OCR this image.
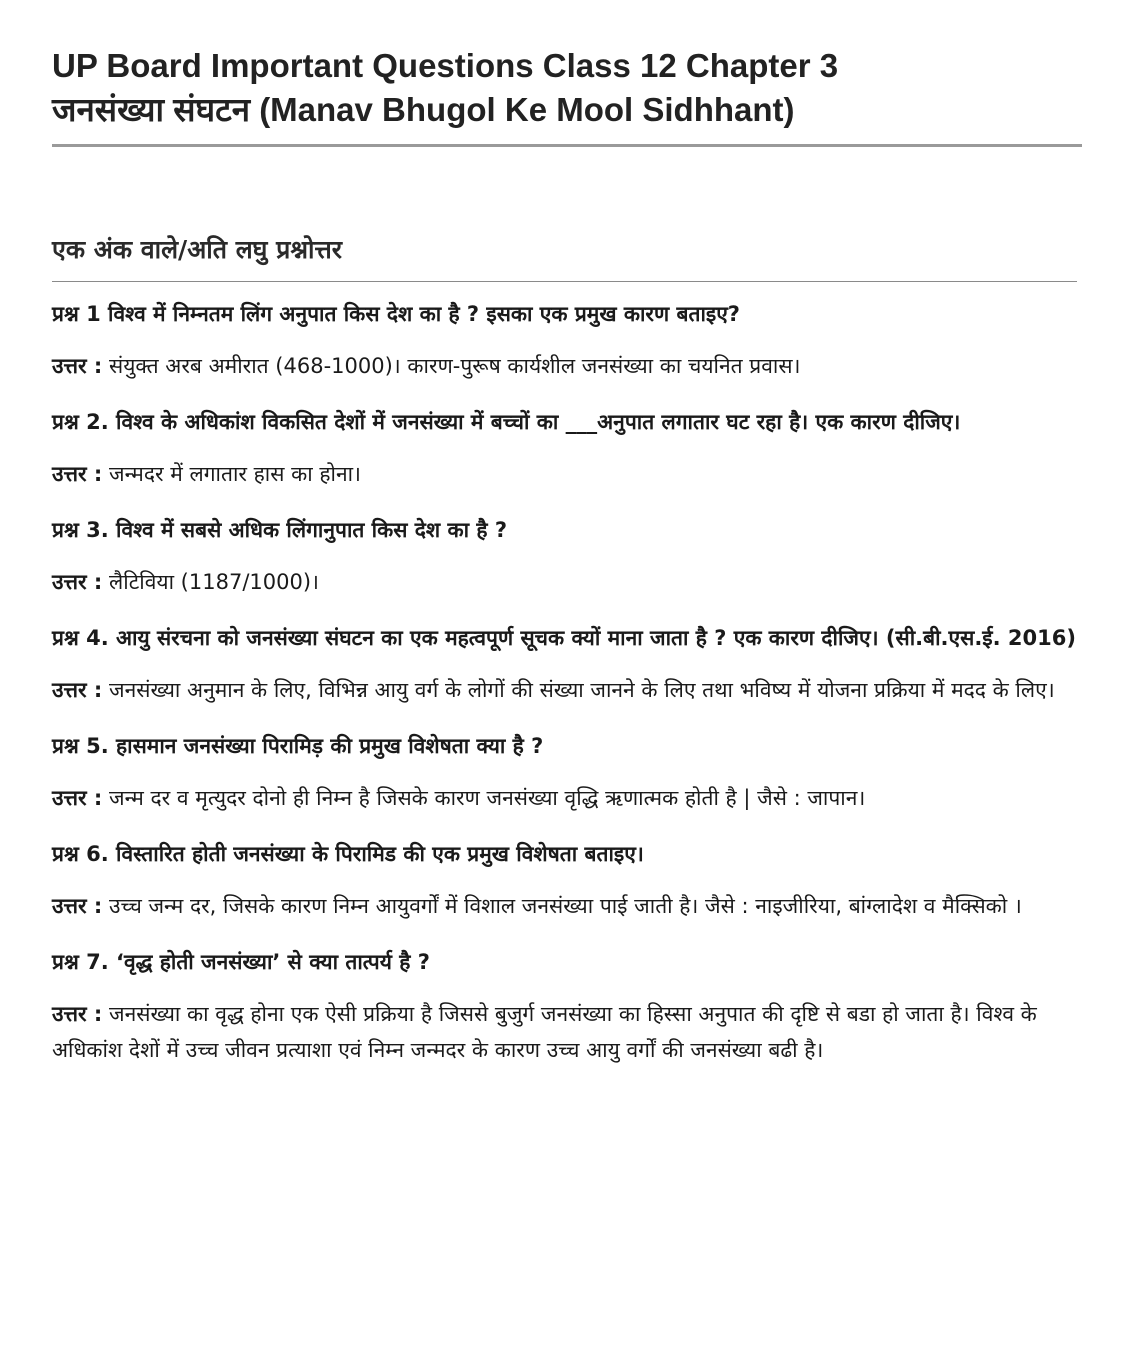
UP Board Important Questions Class 12 Chapter 3
जनसंख्या संघटन (Manav Bhugol Ke Mool Sidhhant)
एक अंक वाले/अति लघु प्रश्नोत्तर

प्रश्न 1 विश्व में निम्नतम लिंग अनुपात किस देश का है ? इसका एक प्रमुख कारण बताइए?

उत्तर : संयुक्त अरब अमीरात (468-1000)। कारण-पुरूष कार्यशील जनसंख्या का चयनित प्रवास।

प्रश्न 2. विश्व के अधिकांश विकसित देशों में जनसंख्या में बच्चों का ___अनुपात लगातार घट रहा है। एक कारण दीजिए।

उत्तर : जन्मदर में लगातार हास का होना।

प्रश्न 3. विश्व में सबसे अधिक लिंगानुपात किस देश का है ?

उत्तर : लैटिविया (1187/1000)।

प्रश्न 4. आयु संरचना को जनसंख्या संघटन का एक महत्वपूर्ण सूचक क्यों माना जाता है ? एक कारण दीजिए। (सी.बी.एस.ई. 2016)

उत्तर : जनसंख्या अनुमान के लिए, विभिन्न आयु वर्ग के लोगों की संख्या जानने के लिए तथा भविष्य में योजना प्रक्रिया में मदद के लिए।

प्रश्न 5. हासमान जनसंख्या पिरामिड़ की प्रमुख विशेषता क्या है ?

उत्तर : जन्म दर व मृत्युदर दोनो ही निम्न है जिसके कारण जनसंख्या वृद्धि ऋणात्मक होती है | जैसे : जापान।

प्रश्न 6. विस्तारित होती जनसंख्या के पिरामिड की एक प्रमुख विशेषता बताइए।

उत्तर : उच्च जन्म दर, जिसके कारण निम्न आयुवर्गों में विशाल जनसंख्या पाई जाती है। जैसे : नाइजीरिया, बांग्लादेश व मैक्सिको ।

प्रश्न 7. ‘वृद्ध होती जनसंख्या’ से क्या तात्पर्य है ?

उत्तर : जनसंख्या का वृद्ध होना एक ऐसी प्रक्रिया है जिससे बुजुर्ग जनसंख्या का हिस्सा अनुपात की दृष्टि से बडा हो जाता है। विश्व के अधिकांश देशों में उच्च जीवन प्रत्याशा एवं निम्न जन्मदर के कारण उच्च आयु वर्गों की जनसंख्या बढी है।
